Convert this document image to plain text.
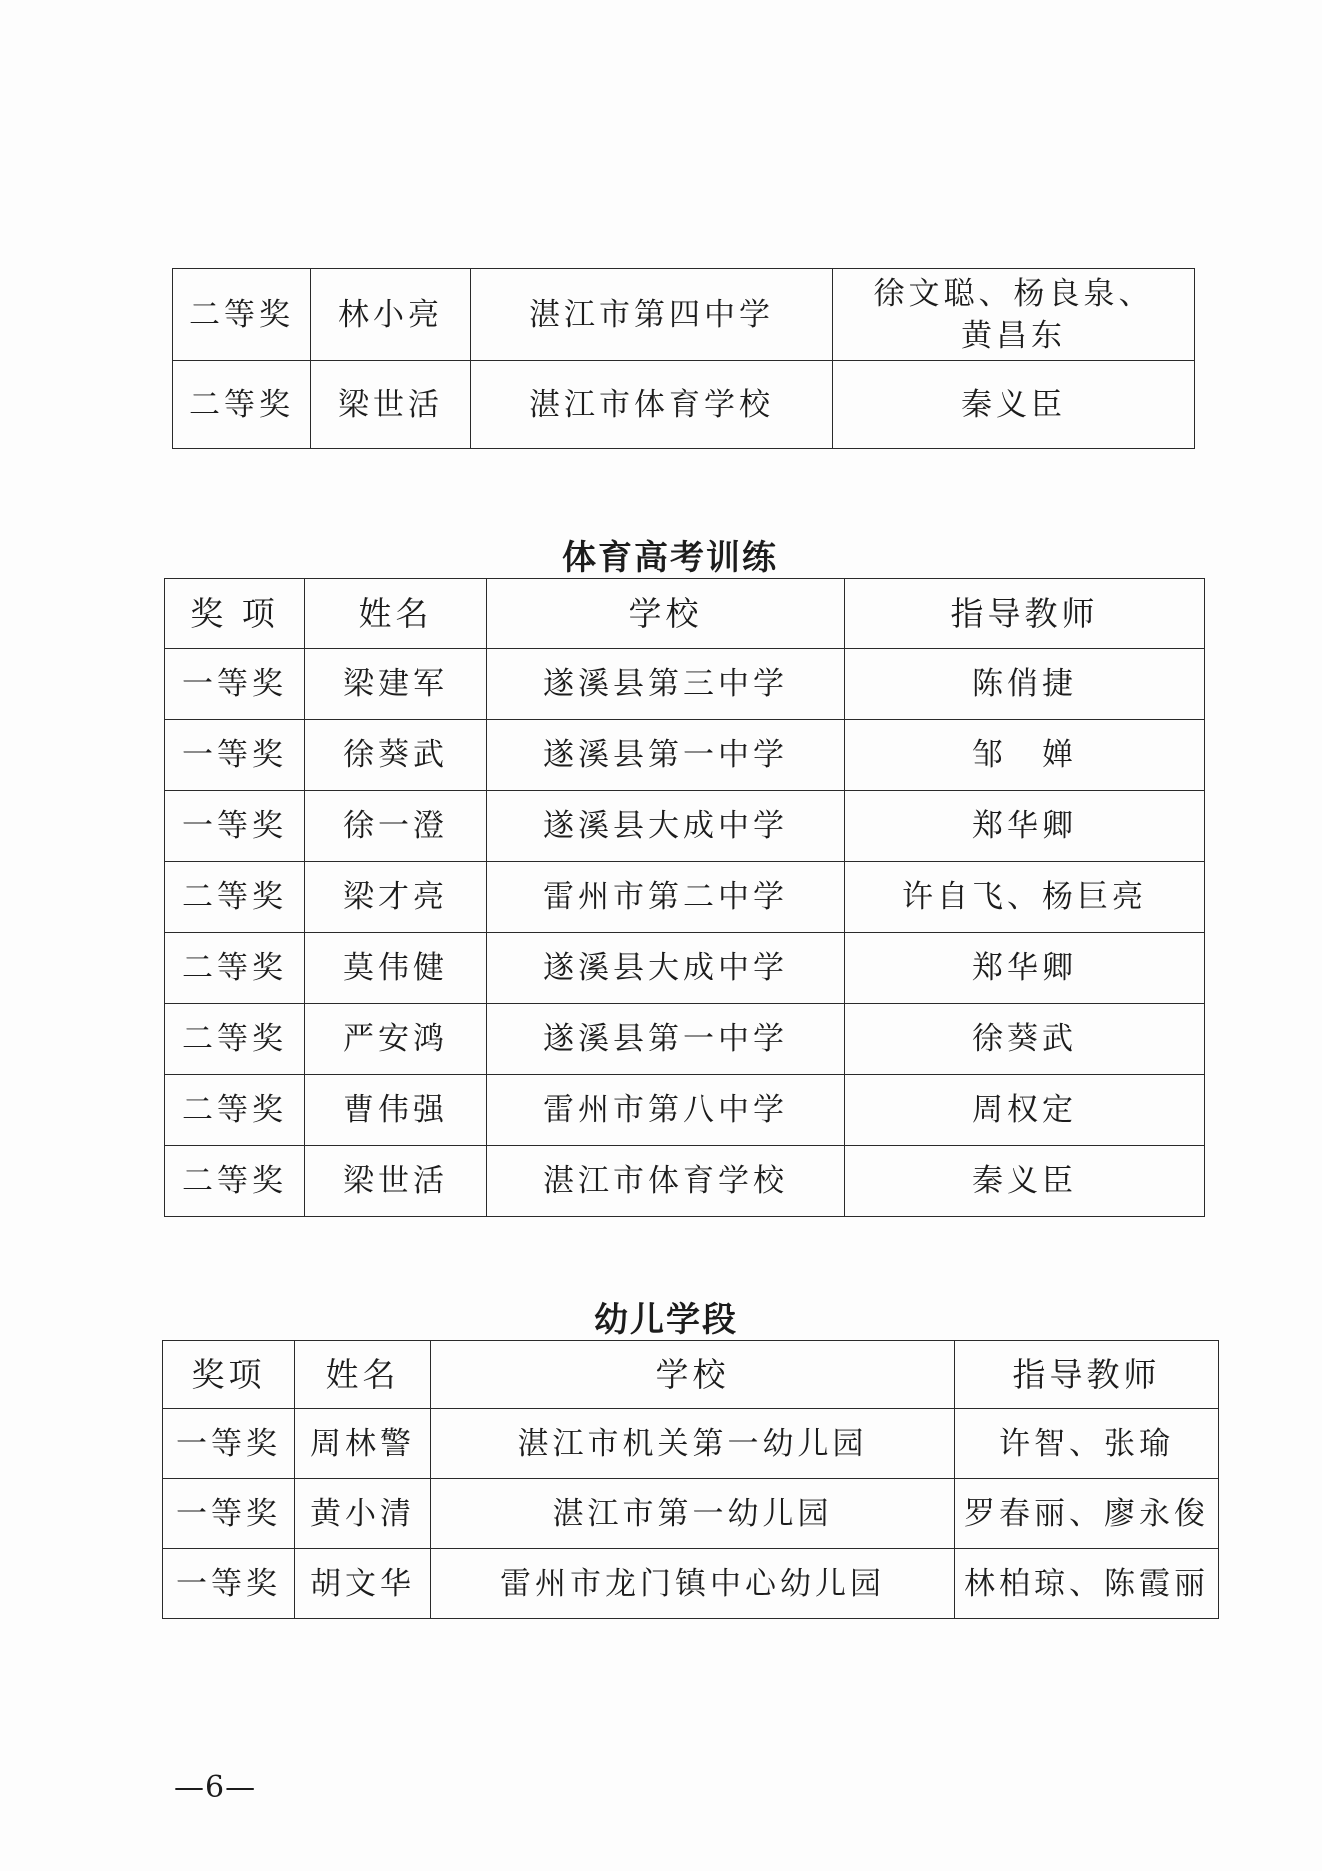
二等奖	林小亮	湛江市第四中学	徐文聪、杨良泉、
黄昌东

二等奖	梁世活	湛江市体育学校	秦义臣
体育高考训练
奖 项	姓名	学校	指导教师
一等奖	梁建军	遂溪县第三中学	陈俏捷
一等奖	徐葵武	遂溪县第一中学	邹　婵
一等奖	徐一澄	遂溪县大成中学	郑华卿
二等奖	梁才亮	雷州市第二中学	许自飞、杨巨亮
二等奖	莫伟健	遂溪县大成中学	郑华卿
二等奖	严安鸿	遂溪县第一中学	徐葵武
二等奖	曹伟强	雷州市第八中学	周权定
二等奖	梁世活	湛江市体育学校	秦义臣
幼儿学段
奖项	姓名	学校	指导教师
一等奖	周林警	湛江市机关第一幼儿园	许智、张瑜
一等奖	黄小清	湛江市第一幼儿园	罗春丽、廖永俊
一等奖	胡文华	雷州市龙门镇中心幼儿园	林柏琼、陈霞丽
—6—
